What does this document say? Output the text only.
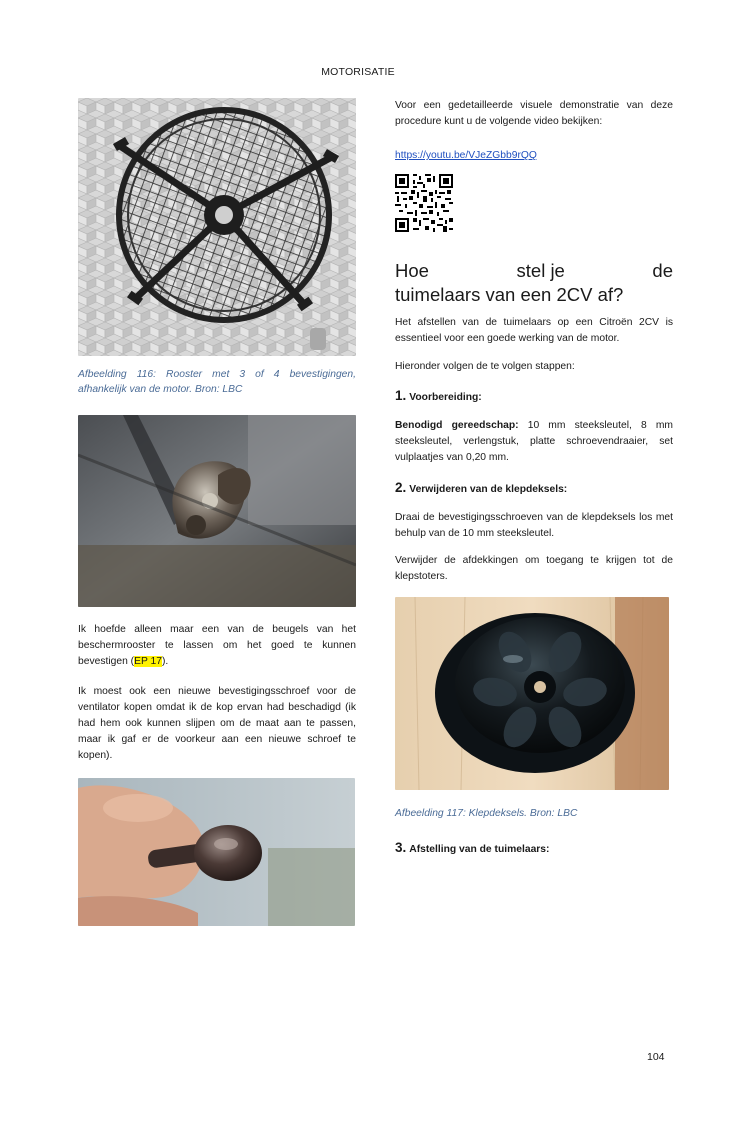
MOTORISATIE
Afbeelding 116: Rooster met 3 of 4 bevestigingen, afhankelijk van de motor. Bron: LBC
Ik hoefde alleen maar een van de beugels van het beschermrooster te lassen om het goed te kunnen bevestigen (EP 17).
Ik moest ook een nieuwe bevestigingsschroef voor de ventilator kopen omdat ik de kop ervan had beschadigd (ik had hem ook kunnen slijpen om de maat aan te passen, maar ik gaf er de voorkeur aan een nieuwe schroef te kopen).
Voor een gedetailleerde visuele demonstratie van deze procedure kunt u de volgende video bekijken:
https://youtu.be/VJeZGbb9rQQ
Hoe	stel je	de
tuimelaars van een 2CV af?
Het afstellen van de tuimelaars op een Citroën 2CV is essentieel voor een goede werking van de motor.
Hieronder volgen de te volgen stappen:
1. Voorbereiding:
Benodigd gereedschap: 10 mm steeksleutel, 8 mm steeksleutel, verlengstuk, platte schroevendraaier, set vulplaatjes van 0,20 mm.
2. Verwijderen van de klepdeksels:
Draai de bevestigingsschroeven van de klepdeksels los met behulp van de 10 mm steeksleutel.
Verwijder de afdekkingen om toegang te krijgen tot de klepstoters.
Afbeelding 117: Klepdeksels. Bron: LBC
3. Afstelling van de tuimelaars:
104
